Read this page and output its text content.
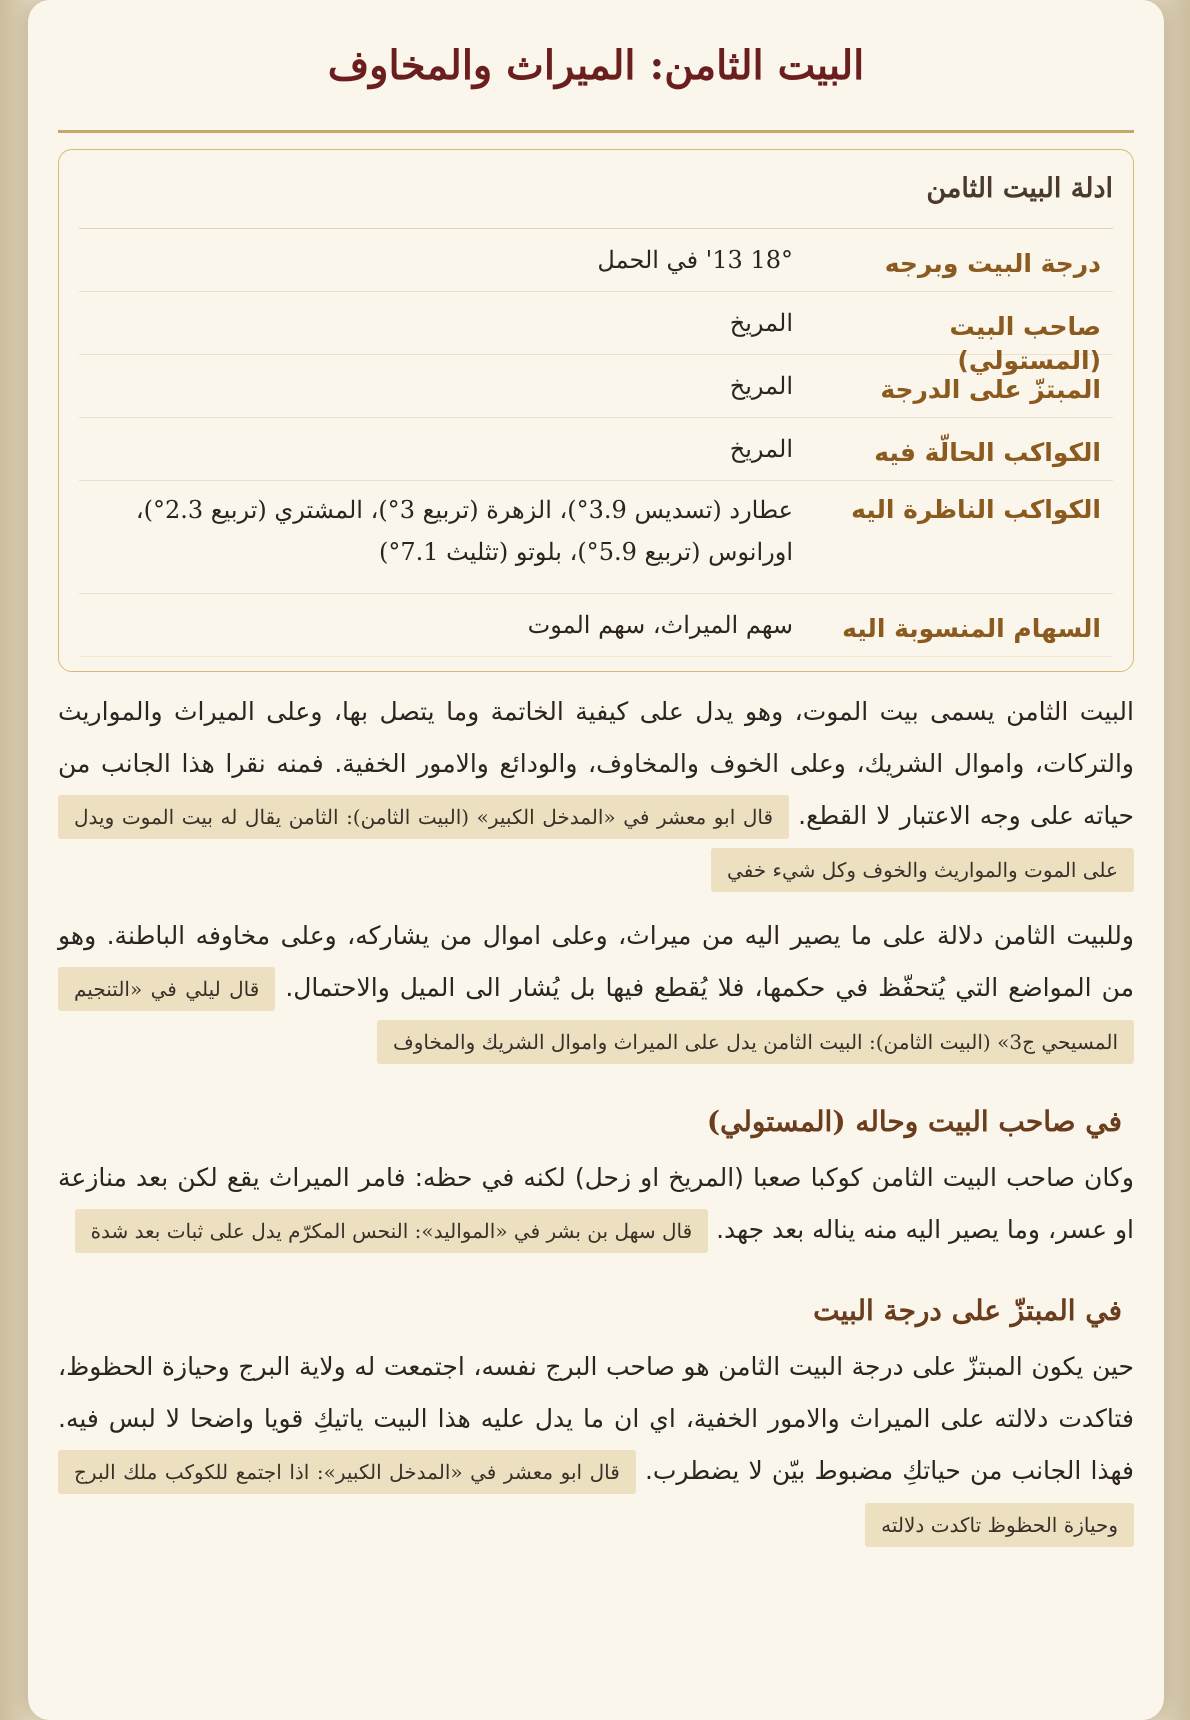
البيت الثامن: الميراث والمخاوف
ادلة البيت الثامن
درجة البيت وبرجه
18° 13' في الحمل
صاحب البيت (المستولي)
المريخ
المبتزّ على الدرجة
المريخ
الكواكب الحالّة فيه
المريخ
الكواكب الناظرة اليه
عطارد (تسديس 3.9°)، الزهرة (تربيع 3°)، المشتري (تربيع 2.3°)، اورانوس (تربيع 5.9°)، بلوتو (تثليث 7.1°)
السهام المنسوبة اليه
سهم الميراث، سهم الموت

البيت الثامن يسمى بيت الموت، وهو يدل على كيفية الخاتمة وما يتصل بها، وعلى الميراث والمواريث والتركات، واموال الشريك، وعلى الخوف والمخاوف، والودائع والامور الخفية. فمنه نقرا هذا الجانب من حياته على وجه الاعتبار لا القطع. قال ابو معشر في «المدخل الكبير» (البيت الثامن): الثامن يقال له بيت الموت ويدل على الموت والمواريث والخوف وكل شيء خفي

وللبيت الثامن دلالة على ما يصير اليه من ميراث، وعلى اموال من يشاركه، وعلى مخاوفه الباطنة. وهو من المواضع التي يُتحفّظ في حكمها، فلا يُقطع فيها بل يُشار الى الميل والاحتمال. قال ليلي في «التنجيم المسيحي ج3» (البيت الثامن): البيت الثامن يدل على الميراث واموال الشريك والمخاوف

في صاحب البيت وحاله (المستولي)

وكان صاحب البيت الثامن كوكبا صعبا (المريخ او زحل) لكنه في حظه: فامر الميراث يقع لكن بعد منازعة او عسر، وما يصير اليه منه يناله بعد جهد. قال سهل بن بشر في «المواليد»: النحس المكرّم يدل على ثبات بعد شدة

في المبتزّ على درجة البيت

حين يكون المبتزّ على درجة البيت الثامن هو صاحب البرج نفسه، اجتمعت له ولاية البرج وحيازة الحظوظ، فتاكدت دلالته على الميراث والامور الخفية، اي ان ما يدل عليه هذا البيت ياتيكِ قويا واضحا لا لبس فيه. فهذا الجانب من حياتكِ مضبوط بيّن لا يضطرب. قال ابو معشر في «المدخل الكبير»: اذا اجتمع للكوكب ملك البرج وحيازة الحظوظ تاكدت دلالته
